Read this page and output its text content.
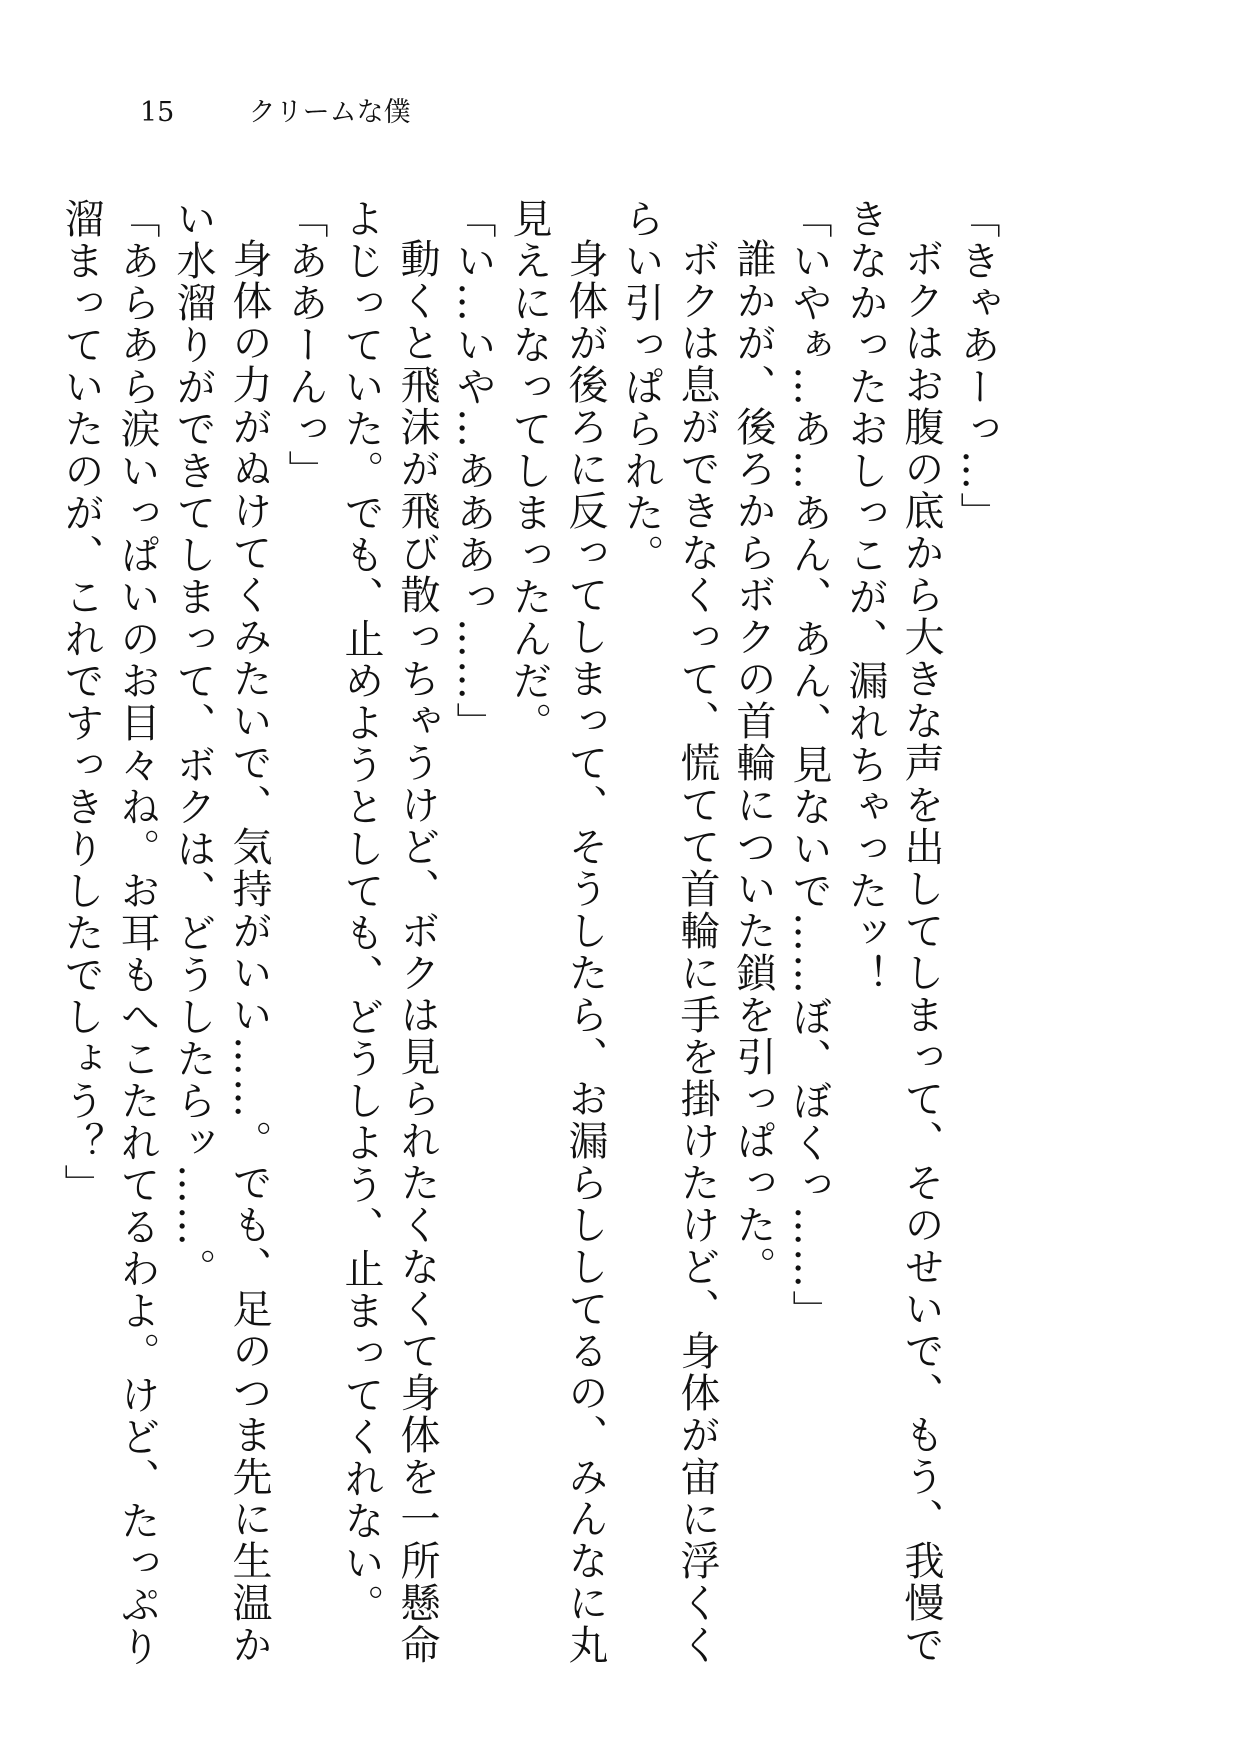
15	クリームな僕

「きゃあーっ…」

ボクはお腹の底から大きな声を出してしまって、そのせいで、もう、我慢できなかったおしっこが、漏れちゃったッ！

「いやぁ…あ…あん、あん、見ないで……ぼ、ぼくっ……」

誰かが、後ろからボクの首輪についた鎖を引っぱった。

ボクは息ができなくって、慌てて首輪に手を掛けたけど、身体が宙に浮くくらい引っぱられた。

身体が後ろに反ってしまって、そうしたら、お漏らししてるの、みんなに丸見えになってしまったんだ。

「い…いや…あああっ……」

動くと飛沫が飛び散っちゃうけど、ボクは見られたくなくて身体を一所懸命よじっていた。でも、止めようとしても、どうしよう、止まってくれない。

「ああーんっ」

身体の力がぬけてくみたいで、気持がいい……。でも、足のつま先に生温かい水溜りができてしまって、ボクは、どうしたらッ……。

「あらあら涙いっぱいのお目々ね。お耳もへこたれてるわよ。けど、たっぷり溜まっていたのが、これですっきりしたでしょう？」
